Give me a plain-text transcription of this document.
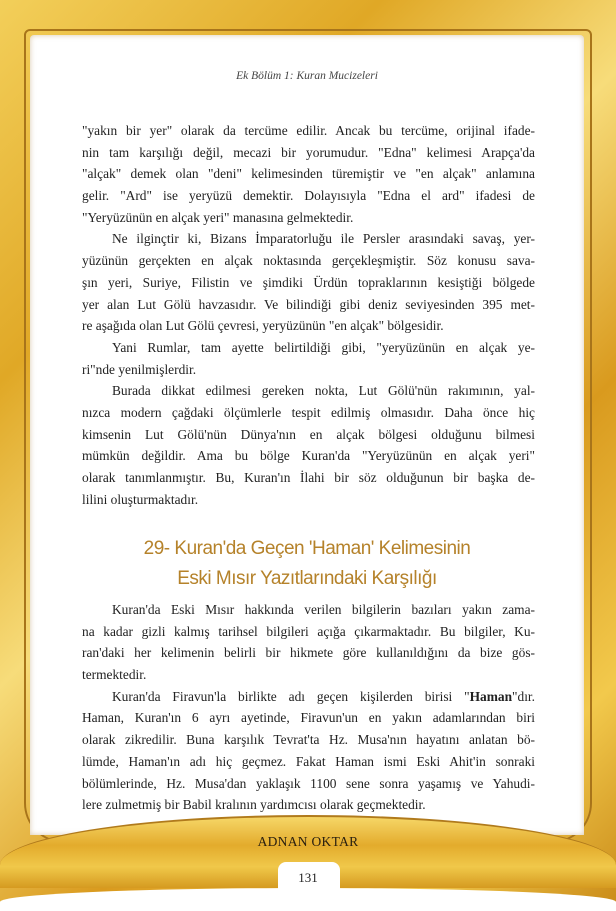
Ek Bölüm 1: Kuran Mucizeleri
"yakın bir yer" olarak da tercüme edilir. Ancak bu tercüme, orijinal ifade-
nin tam karşılığı değil, mecazi bir yorumudur. "Edna" kelimesi Arapça'da
"alçak" demek olan "deni" kelimesinden türemiştir ve "en alçak" anlamına
gelir. "Ard" ise yeryüzü demektir. Dolayısıyla "Edna el ard" ifadesi de
"Yeryüzünün en alçak yeri" manasına gelmektedir.
Ne ilginçtir ki, Bizans İmparatorluğu ile Persler arasındaki savaş, yer-
yüzünün gerçekten en alçak noktasında gerçekleşmiştir. Söz konusu sava-
şın yeri, Suriye, Filistin ve şimdiki Ürdün topraklarının kesiştiği bölgede
yer alan Lut Gölü havzasıdır. Ve bilindiği gibi deniz seviyesinden 395 met-
re aşağıda olan Lut Gölü çevresi, yeryüzünün "en alçak" bölgesidir.
Yani Rumlar, tam ayette belirtildiği gibi, "yeryüzünün en alçak ye-
ri"nde yenilmişlerdir.
Burada dikkat edilmesi gereken nokta, Lut Gölü'nün rakımının, yal-
nızca modern çağdaki ölçümlerle tespit edilmiş olmasıdır. Daha önce hiç
kimsenin Lut Gölü'nün Dünya'nın en alçak bölgesi olduğunu bilmesi
mümkün değildir. Ama bu bölge Kuran'da "Yeryüzünün en alçak yeri"
olarak tanımlanmıştır. Bu, Kuran'ın İlahi bir söz olduğunun bir başka de-
lilini oluşturmaktadır.
29- Kuran'da Geçen 'Haman' Kelimesinin
Eski Mısır Yazıtlarındaki Karşılığı
Kuran'da Eski Mısır hakkında verilen bilgilerin bazıları yakın zama-
na kadar gizli kalmış tarihsel bilgileri açığa çıkarmaktadır. Bu bilgiler, Ku-
ran'daki her kelimenin belirli bir hikmete göre kullanıldığını da bize gös-
termektedir.
Kuran'da Firavun'la birlikte adı geçen kişilerden birisi "Haman"dır.
Haman, Kuran'ın 6 ayrı ayetinde, Firavun'un en yakın adamlarından biri
olarak zikredilir. Buna karşılık Tevrat'ta Hz. Musa'nın hayatını anlatan bö-
lümde, Haman'ın adı hiç geçmez. Fakat Haman ismi Eski Ahit'in sonraki
bölümlerinde, Hz. Musa'dan yaklaşık 1100 sene sonra yaşamış ve Yahudi-
lere zulmetmiş bir Babil kralının yardımcısı olarak geçmektedir.
ADNAN OKTAR
131
